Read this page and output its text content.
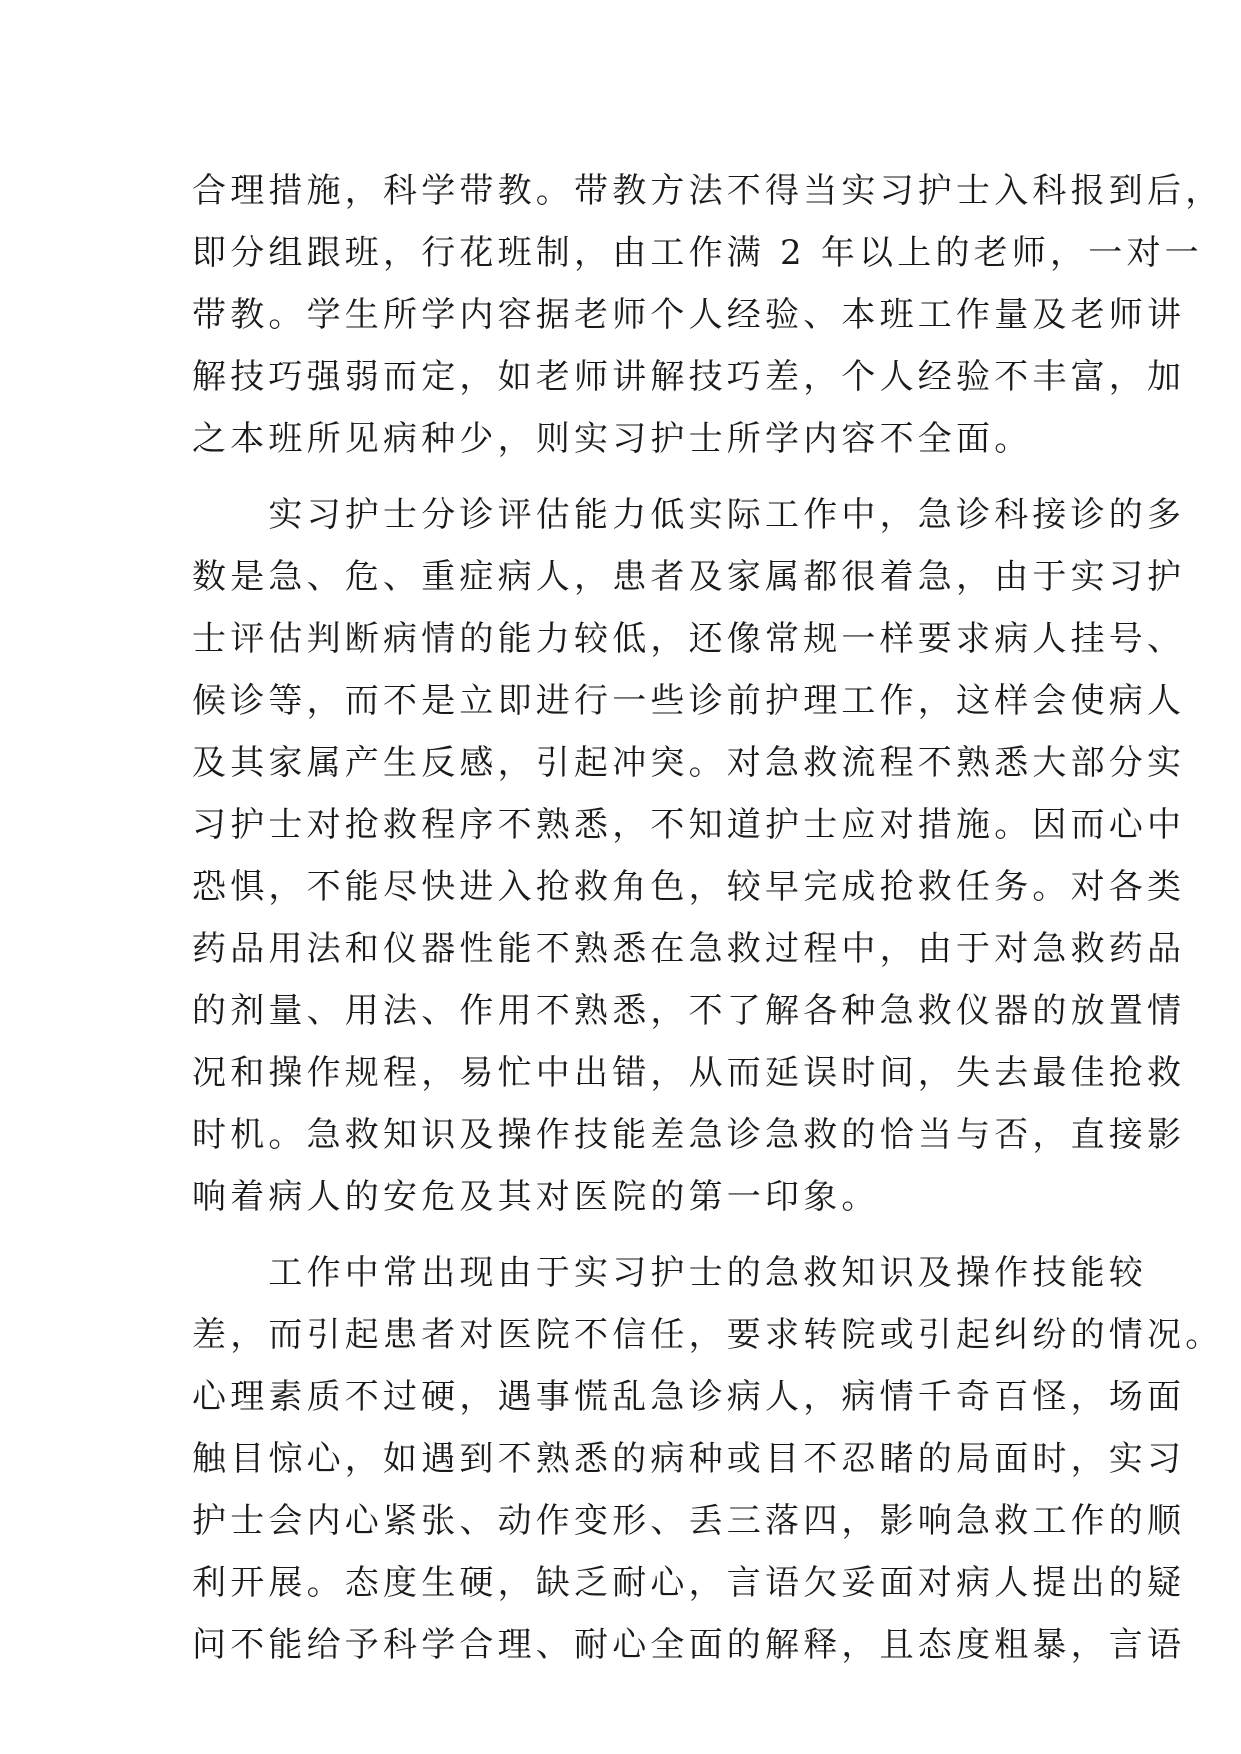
合理措施，科学带教。带教方法不得当实习护士入科报到后，
即分组跟班，行花班制，由工作满 2 年以上的老师，一对一
带教。学生所学内容据老师个人经验、本班工作量及老师讲
解技巧强弱而定，如老师讲解技巧差，个人经验不丰富，加
之本班所见病种少，则实习护士所学内容不全面。
　　实习护士分诊评估能力低实际工作中，急诊科接诊的多
数是急、危、重症病人，患者及家属都很着急，由于实习护
士评估判断病情的能力较低，还像常规一样要求病人挂号、
候诊等，而不是立即进行一些诊前护理工作，这样会使病人
及其家属产生反感，引起冲突。对急救流程不熟悉大部分实
习护士对抢救程序不熟悉，不知道护士应对措施。因而心中
恐惧，不能尽快进入抢救角色，较早完成抢救任务。对各类
药品用法和仪器性能不熟悉在急救过程中，由于对急救药品
的剂量、用法、作用不熟悉，不了解各种急救仪器的放置情
况和操作规程，易忙中出错，从而延误时间，失去最佳抢救
时机。急救知识及操作技能差急诊急救的恰当与否，直接影
响着病人的安危及其对医院的第一印象。
　　工作中常出现由于实习护士的急救知识及操作技能较
差，而引起患者对医院不信任，要求转院或引起纠纷的情况。
心理素质不过硬，遇事慌乱急诊病人，病情千奇百怪，场面
触目惊心，如遇到不熟悉的病种或目不忍睹的局面时，实习
护士会内心紧张、动作变形、丢三落四，影响急救工作的顺
利开展。态度生硬，缺乏耐心，言语欠妥面对病人提出的疑
问不能给予科学合理、耐心全面的解释，且态度粗暴，言语
